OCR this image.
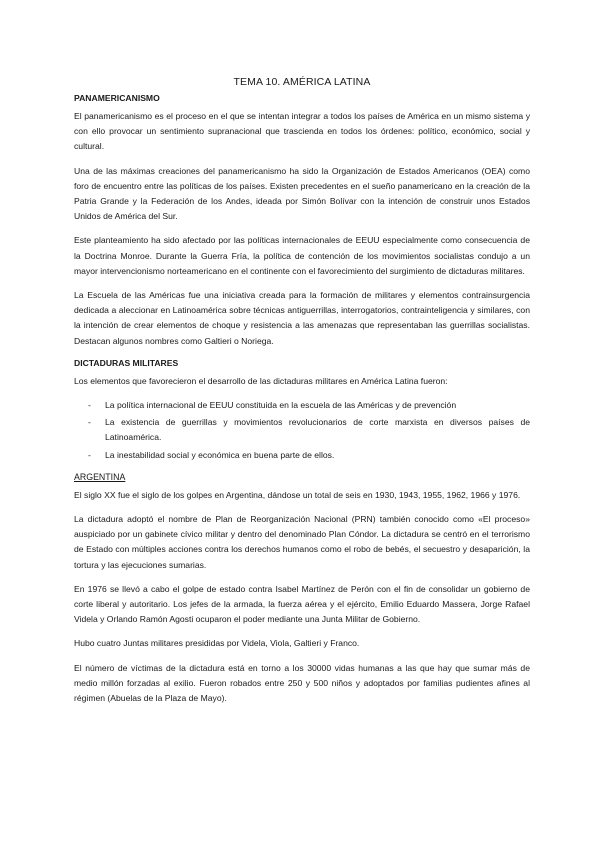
TEMA 10. AMÉRICA LATINA
PANAMERICANISMO

El panamericanismo es el proceso en el que se intentan integrar a todos los países de América en un mismo sistema y con ello provocar un sentimiento supranacional que trascienda en todos los órdenes: político, económico, social y cultural.

Una de las máximas creaciones del panamericanismo ha sido la Organización de Estados Americanos (OEA) como foro de encuentro entre las políticas de los países. Existen precedentes en el sueño panamericano en la creación de la Patria Grande y la Federación de los Andes, ideada por Simón Bolívar con la intención de construir unos Estados Unidos de América del Sur.

Este planteamiento ha sido afectado por las políticas internacionales de EEUU especialmente como consecuencia de la Doctrina Monroe. Durante la Guerra Fría, la política de contención de los movimientos socialistas condujo a un mayor intervencionismo norteamericano en el continente con el favorecimiento del surgimiento de dictaduras militares.

La Escuela de las Américas fue una iniciativa creada para la formación de militares y elementos contrainsurgencia dedicada a aleccionar en Latinoamérica sobre técnicas antiguerrillas, interrogatorios, contrainteligencia y similares, con la intención de crear elementos de choque y resistencia a las amenazas que representaban las guerrillas socialistas. Destacan algunos nombres como Galtieri o Noriega.

DICTADURAS MILITARES

Los elementos que favorecieron el desarrollo de las dictaduras militares en América Latina fueron:

- La política internacional de EEUU constituida en la escuela de las Américas y de prevención
- La existencia de guerrillas y movimientos revolucionarios de corte marxista en diversos países de Latinoamérica.
- La inestabilidad social y económica en buena parte de ellos.
ARGENTINA

El siglo XX fue el siglo de los golpes en Argentina, dándose un total de seis en 1930, 1943, 1955, 1962, 1966 y 1976.

La dictadura adoptó el nombre de Plan de Reorganización Nacional (PRN) también conocido como «El proceso» auspiciado por un gabinete cívico militar y dentro del denominado Plan Cóndor. La dictadura se centró en el terrorismo de Estado con múltiples acciones contra los derechos humanos como el robo de bebés, el secuestro y desaparición, la tortura y las ejecuciones sumarias.

En 1976 se llevó a cabo el golpe de estado contra Isabel Martínez de Perón con el fin de consolidar un gobierno de corte liberal y autoritario. Los jefes de la armada, la fuerza aérea y el ejército, Emilio Eduardo Massera, Jorge Rafael Videla y Orlando Ramón Agosti ocuparon el poder mediante una Junta Militar de Gobierno.

Hubo cuatro Juntas militares presididas por Videla, Viola, Galtieri y Franco.

El número de víctimas de la dictadura está en torno a los 30000 vidas humanas a las que hay que sumar más de medio millón forzadas al exilio. Fueron robados entre 250 y 500 niños y adoptados por familias pudientes afines al régimen (Abuelas de la Plaza de Mayo).
